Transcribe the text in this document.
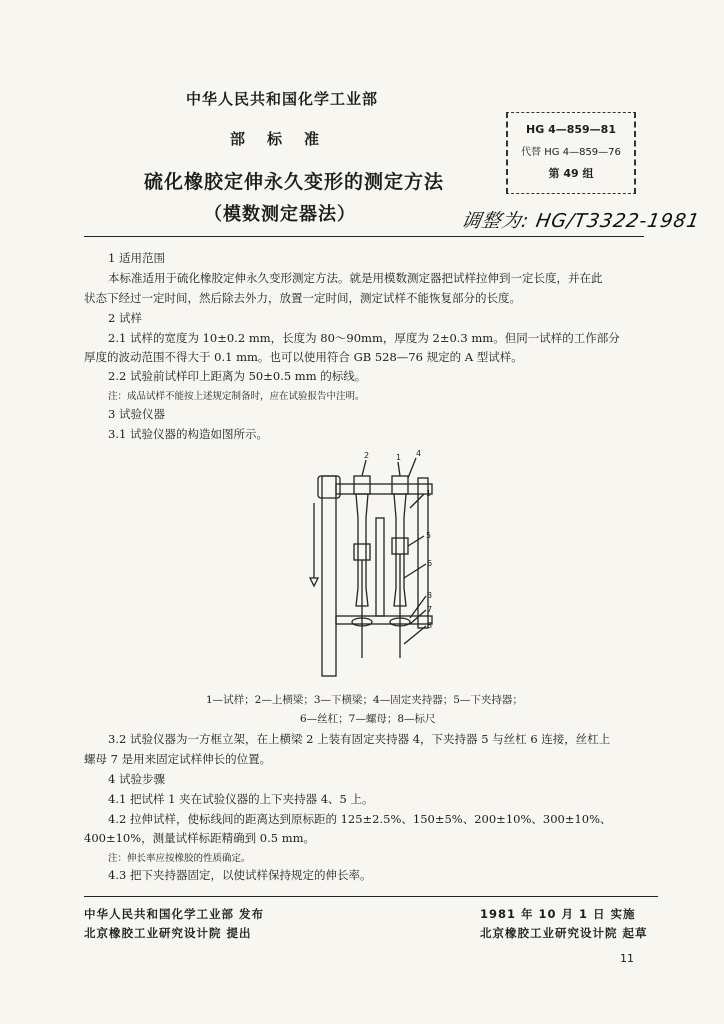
中华人民共和国化学工业部
部标准
硫化橡胶定伸永久变形的测定方法
（模数测定器法）
HG 4—859—81
代替 HG 4—859—76
第 49 组
调整为: HG/T3322-1981
1 适用范围
本标准适用于硫化橡胶定伸永久变形测定方法。就是用模数测定器把试样拉伸到一定长度，并在此
状态下经过一定时间，然后除去外力，放置一定时间，测定试样不能恢复部分的长度。
2 试样
2.1 试样的宽度为 10±0.2 mm，长度为 80～90mm，厚度为 2±0.3 mm。但同一试样的工作部分
厚度的波动范围不得大于 0.1 mm。也可以使用符合 GB 528—76 规定的 A 型试样。
2.2 试验前试样印上距离为 50±0.5 mm 的标线。
注：成品试样不能按上述规定制备时，应在试验报告中注明。
3 试验仪器
3.1 试验仪器的构造如图所示。
2	1 4
1
5
6
3
7
8
1—试样；2—上横梁；3—下横梁；4—固定夹持器；5—下夹持器；
6—丝杠；7—螺母；8—标尺
3.2 试验仪器为一方框立架，在上横梁 2 上装有固定夹持器 4，下夹持器 5 与丝杠 6 连接，丝杠上
螺母 7 是用来固定试样伸长的位置。
4 试验步骤
4.1 把试样 1 夹在试验仪器的上下夹持器 4、5 上。
4.2 拉伸试样，使标线间的距离达到原标距的 125±2.5%、150±5%、200±10%、300±10%、
400±10%，测量试样标距精确到 0.5 mm。
注：伸长率应按橡胶的性质确定。
4.3 把下夹持器固定，以使试样保持规定的伸长率。
中华人民共和国化学工业部 发布	1981 年 10 月 1 日 实施
北京橡胶工业研究设计院 提出	北京橡胶工业研究设计院 起草
11
